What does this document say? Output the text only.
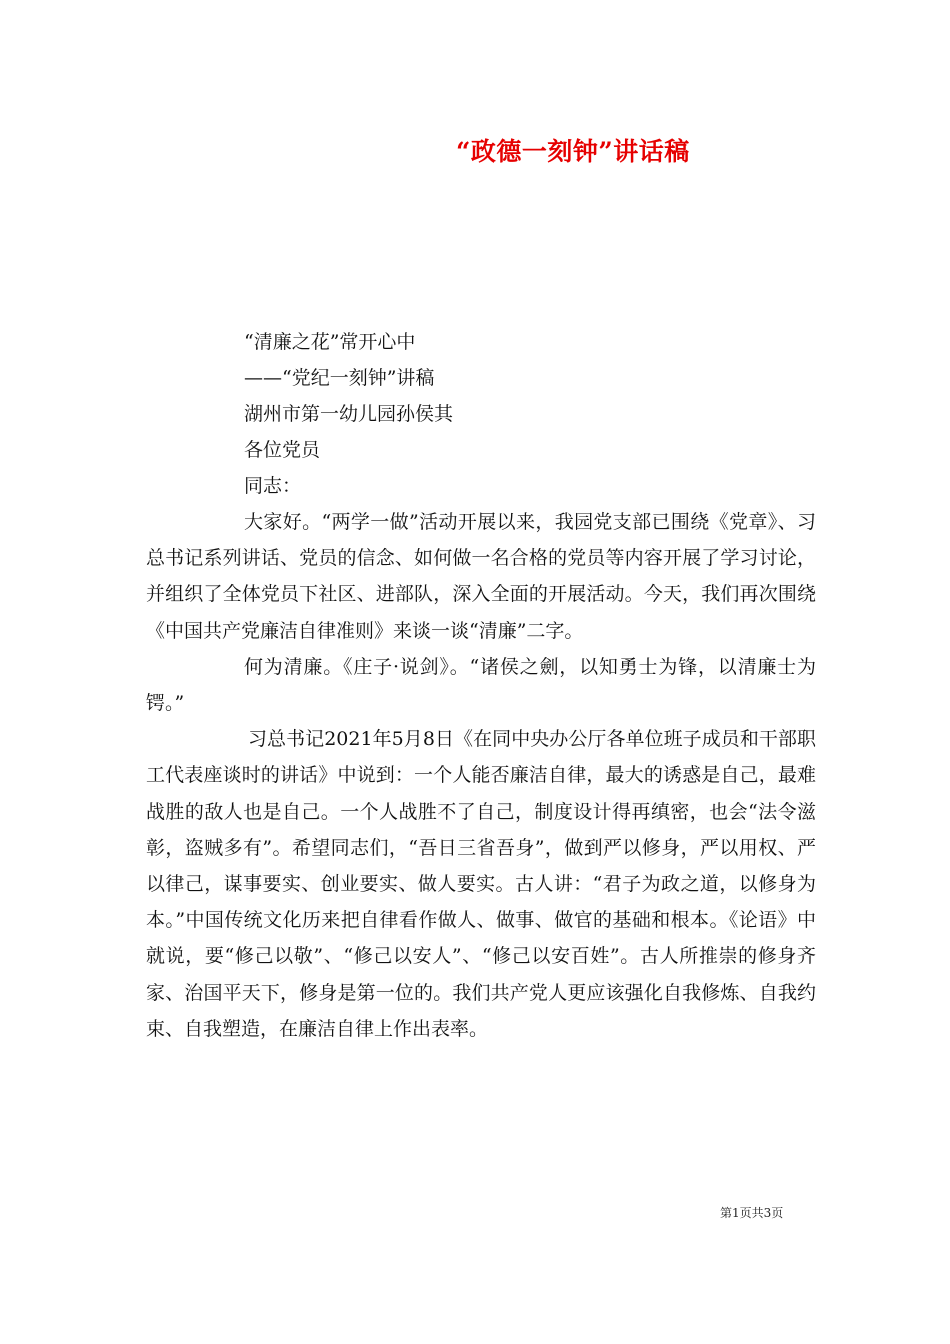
“政德一刻钟”讲话稿
“清廉之花”常开心中
——“党纪一刻钟”讲稿
湖州市第一幼儿园孙侯其
各位党员
同志：

大家好。“两学一做”活动开展以来，我园党支部已围绕《党章》、习总书记系列讲话、党员的信念、如何做一名合格的党员等内容开展了学习讨论，并组织了全体党员下社区、进部队，深入全面的开展活动。今天，我们再次围绕《中国共产党廉洁自律准则》来谈一谈“清廉”二字。

何为清廉。《庄子·说剑》。“诸侯之劍，以知勇士为锋，以清廉士为锷。”

习总书记2021年5月8日《在同中央办公厅各单位班子成员和干部职工代表座谈时的讲话》中说到：一个人能否廉洁自律，最大的诱惑是自己，最难战胜的敌人也是自己。一个人战胜不了自己，制度设计得再缜密，也会“法令滋彰，盗贼多有”。希望同志们，“吾日三省吾身”，做到严以修身，严以用权、严以律己，谋事要实、创业要实、做人要实。古人讲：“君子为政之道，以修身为本。”中国传统文化历来把自律看作做人、做事、做官的基础和根本。《论语》中就说，要“修己以敬”、“修己以安人”、“修己以安百姓”。古人所推崇的修身齐家、治国平天下，修身是第一位的。我们共产党人更应该强化自我修炼、自我约束、自我塑造，在廉洁自律上作出表率。

第1页共3页
